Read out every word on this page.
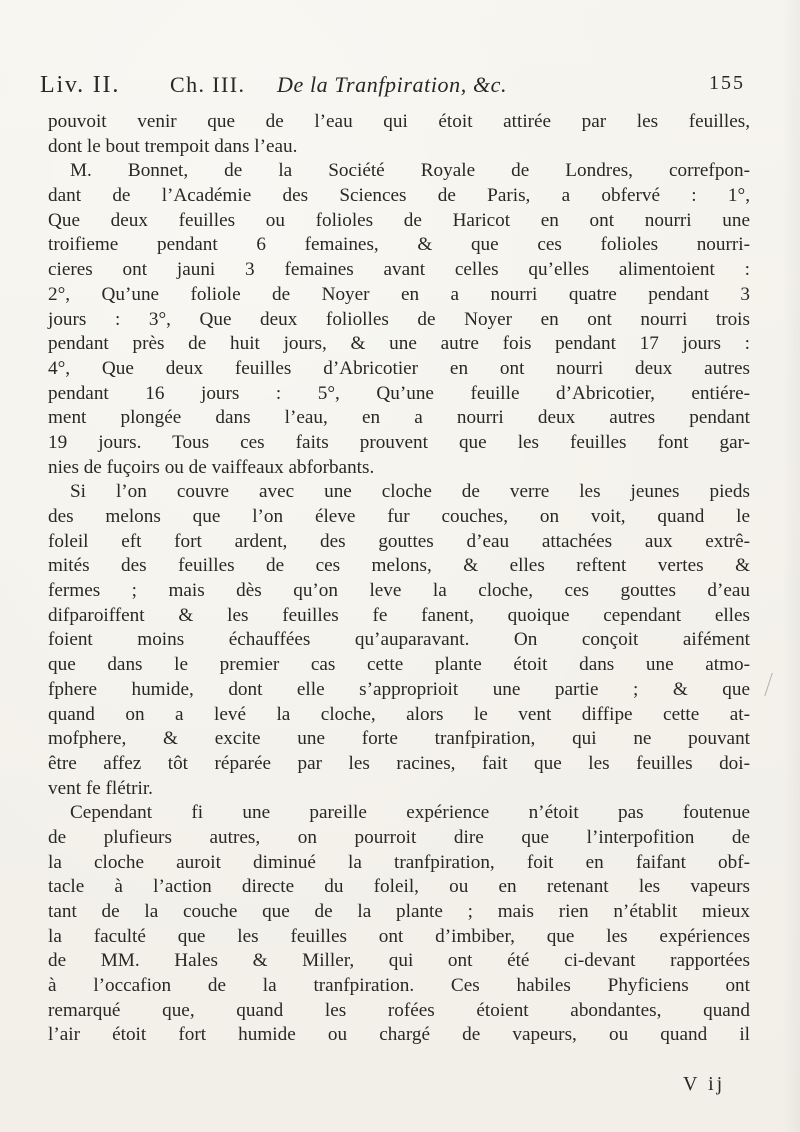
Liv. II. Ch. III. De la Tranfpiration, &c.	155
pouvoit venir que de l’eau qui étoit attirée par les feuilles,
dont le bout trempoit dans l’eau.
M. Bonnet, de la Société Royale de Londres, correfpon-
dant de l’Académie des Sciences de Paris, a obfervé : 1°,
Que deux feuilles ou folioles de Haricot en ont nourri une
troifieme pendant 6 femaines, & que ces folioles nourri-
cieres ont jauni 3 femaines avant celles qu’elles alimentoient :
2°, Qu’une foliole de Noyer en a nourri quatre pendant 3
jours : 3°, Que deux foliolles de Noyer en ont nourri trois
pendant près de huit jours, & une autre fois pendant 17 jours :
4°, Que deux feuilles d’Abricotier en ont nourri deux autres
pendant 16 jours : 5°, Qu’une feuille d’Abricotier, entiére-
ment plongée dans l’eau, en a nourri deux autres pendant
19 jours. Tous ces faits prouvent que les feuilles font gar-
nies de fuçoirs ou de vaiffeaux abforbants.
Si l’on couvre avec une cloche de verre les jeunes pieds
des melons que l’on éleve fur couches, on voit, quand le
foleil eft fort ardent, des gouttes d’eau attachées aux extrê-
mités des feuilles de ces melons, & elles reftent vertes &
fermes ; mais dès qu’on leve la cloche, ces gouttes d’eau
difparoiffent & les feuilles fe fanent, quoique cependant elles
foient moins échauffées qu’auparavant. On conçoit aifément
que dans le premier cas cette plante étoit dans une atmo-
fphere humide, dont elle s’approprioit une partie ; & que
quand on a levé la cloche, alors le vent diffipe cette at-
mofphere, & excite une forte tranfpiration, qui ne pouvant
être affez tôt réparée par les racines, fait que les feuilles doi-
vent fe flétrir.
Cependant fi une pareille expérience n’étoit pas foutenue
de plufieurs autres, on pourroit dire que l’interpofition de
la cloche auroit diminué la tranfpiration, foit en faifant obf-
tacle à l’action directe du foleil, ou en retenant les vapeurs
tant de la couche que de la plante ; mais rien n’établit mieux
la faculté que les feuilles ont d’imbiber, que les expériences
de MM. Hales & Miller, qui ont été ci-devant rapportées
à l’occafion de la tranfpiration. Ces habiles Phyficiens ont
remarqué que, quand les rofées étoient abondantes, quand
l’air étoit fort humide ou chargé de vapeurs, ou quand il
V ij
